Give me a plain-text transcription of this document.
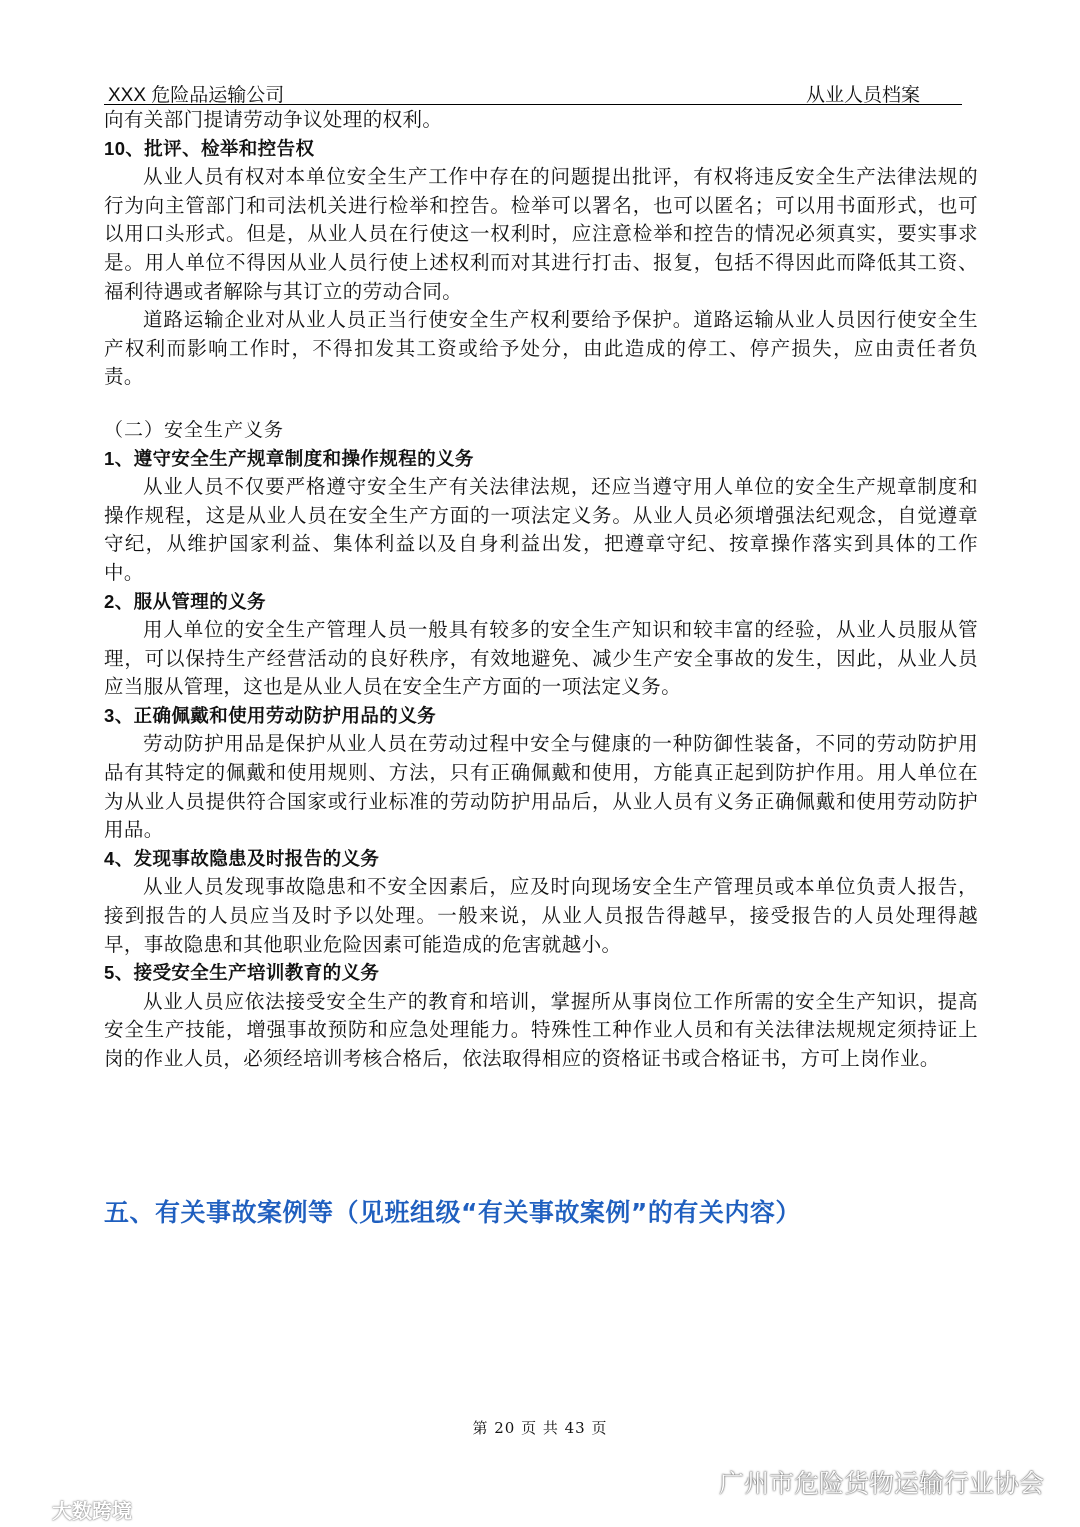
XXX 危险品运输公司	从业人员档案

向有关部门提请劳动争议处理的权利。

10、批评、检举和控告权

从业人员有权对本单位安全生产工作中存在的问题提出批评，有权将违反安全生产法律法规的行为向主管部门和司法机关进行检举和控告。检举可以署名，也可以匿名；可以用书面形式，也可以用口头形式。但是，从业人员在行使这一权利时，应注意检举和控告的情况必须真实，要实事求是。用人单位不得因从业人员行使上述权利而对其进行打击、报复，包括不得因此而降低其工资、福利待遇或者解除与其订立的劳动合同。

道路运输企业对从业人员正当行使安全生产权利要给予保护。道路运输从业人员因行使安全生产权利而影响工作时，不得扣发其工资或给予处分，由此造成的停工、停产损失，应由责任者负责。

（二）安全生产义务

1、遵守安全生产规章制度和操作规程的义务

从业人员不仅要严格遵守安全生产有关法律法规，还应当遵守用人单位的安全生产规章制度和操作规程，这是从业人员在安全生产方面的一项法定义务。从业人员必须增强法纪观念，自觉遵章守纪，从维护国家利益、集体利益以及自身利益出发，把遵章守纪、按章操作落实到具体的工作中。

2、服从管理的义务

用人单位的安全生产管理人员一般具有较多的安全生产知识和较丰富的经验，从业人员服从管理，可以保持生产经营活动的良好秩序，有效地避免、减少生产安全事故的发生，因此，从业人员应当服从管理，这也是从业人员在安全生产方面的一项法定义务。

3、正确佩戴和使用劳动防护用品的义务

劳动防护用品是保护从业人员在劳动过程中安全与健康的一种防御性装备，不同的劳动防护用品有其特定的佩戴和使用规则、方法，只有正确佩戴和使用，方能真正起到防护作用。用人单位在为从业人员提供符合国家或行业标准的劳动防护用品后，从业人员有义务正确佩戴和使用劳动防护用品。

4、发现事故隐患及时报告的义务

从业人员发现事故隐患和不安全因素后，应及时向现场安全生产管理员或本单位负责人报告，接到报告的人员应当及时予以处理。一般来说，从业人员报告得越早，接受报告的人员处理得越早，事故隐患和其他职业危险因素可能造成的危害就越小。

5、接受安全生产培训教育的义务

从业人员应依法接受安全生产的教育和培训，掌握所从事岗位工作所需的安全生产知识，提高安全生产技能，增强事故预防和应急处理能力。特殊性工种作业人员和有关法律法规规定须持证上岗的作业人员，必须经培训考核合格后，依法取得相应的资格证书或合格证书，方可上岗作业。

五、有关事故案例等（见班组级“有关事故案例”的有关内容）
第 20 页 共 43 页
广州市危险货物运输行业协会
大数跨境
